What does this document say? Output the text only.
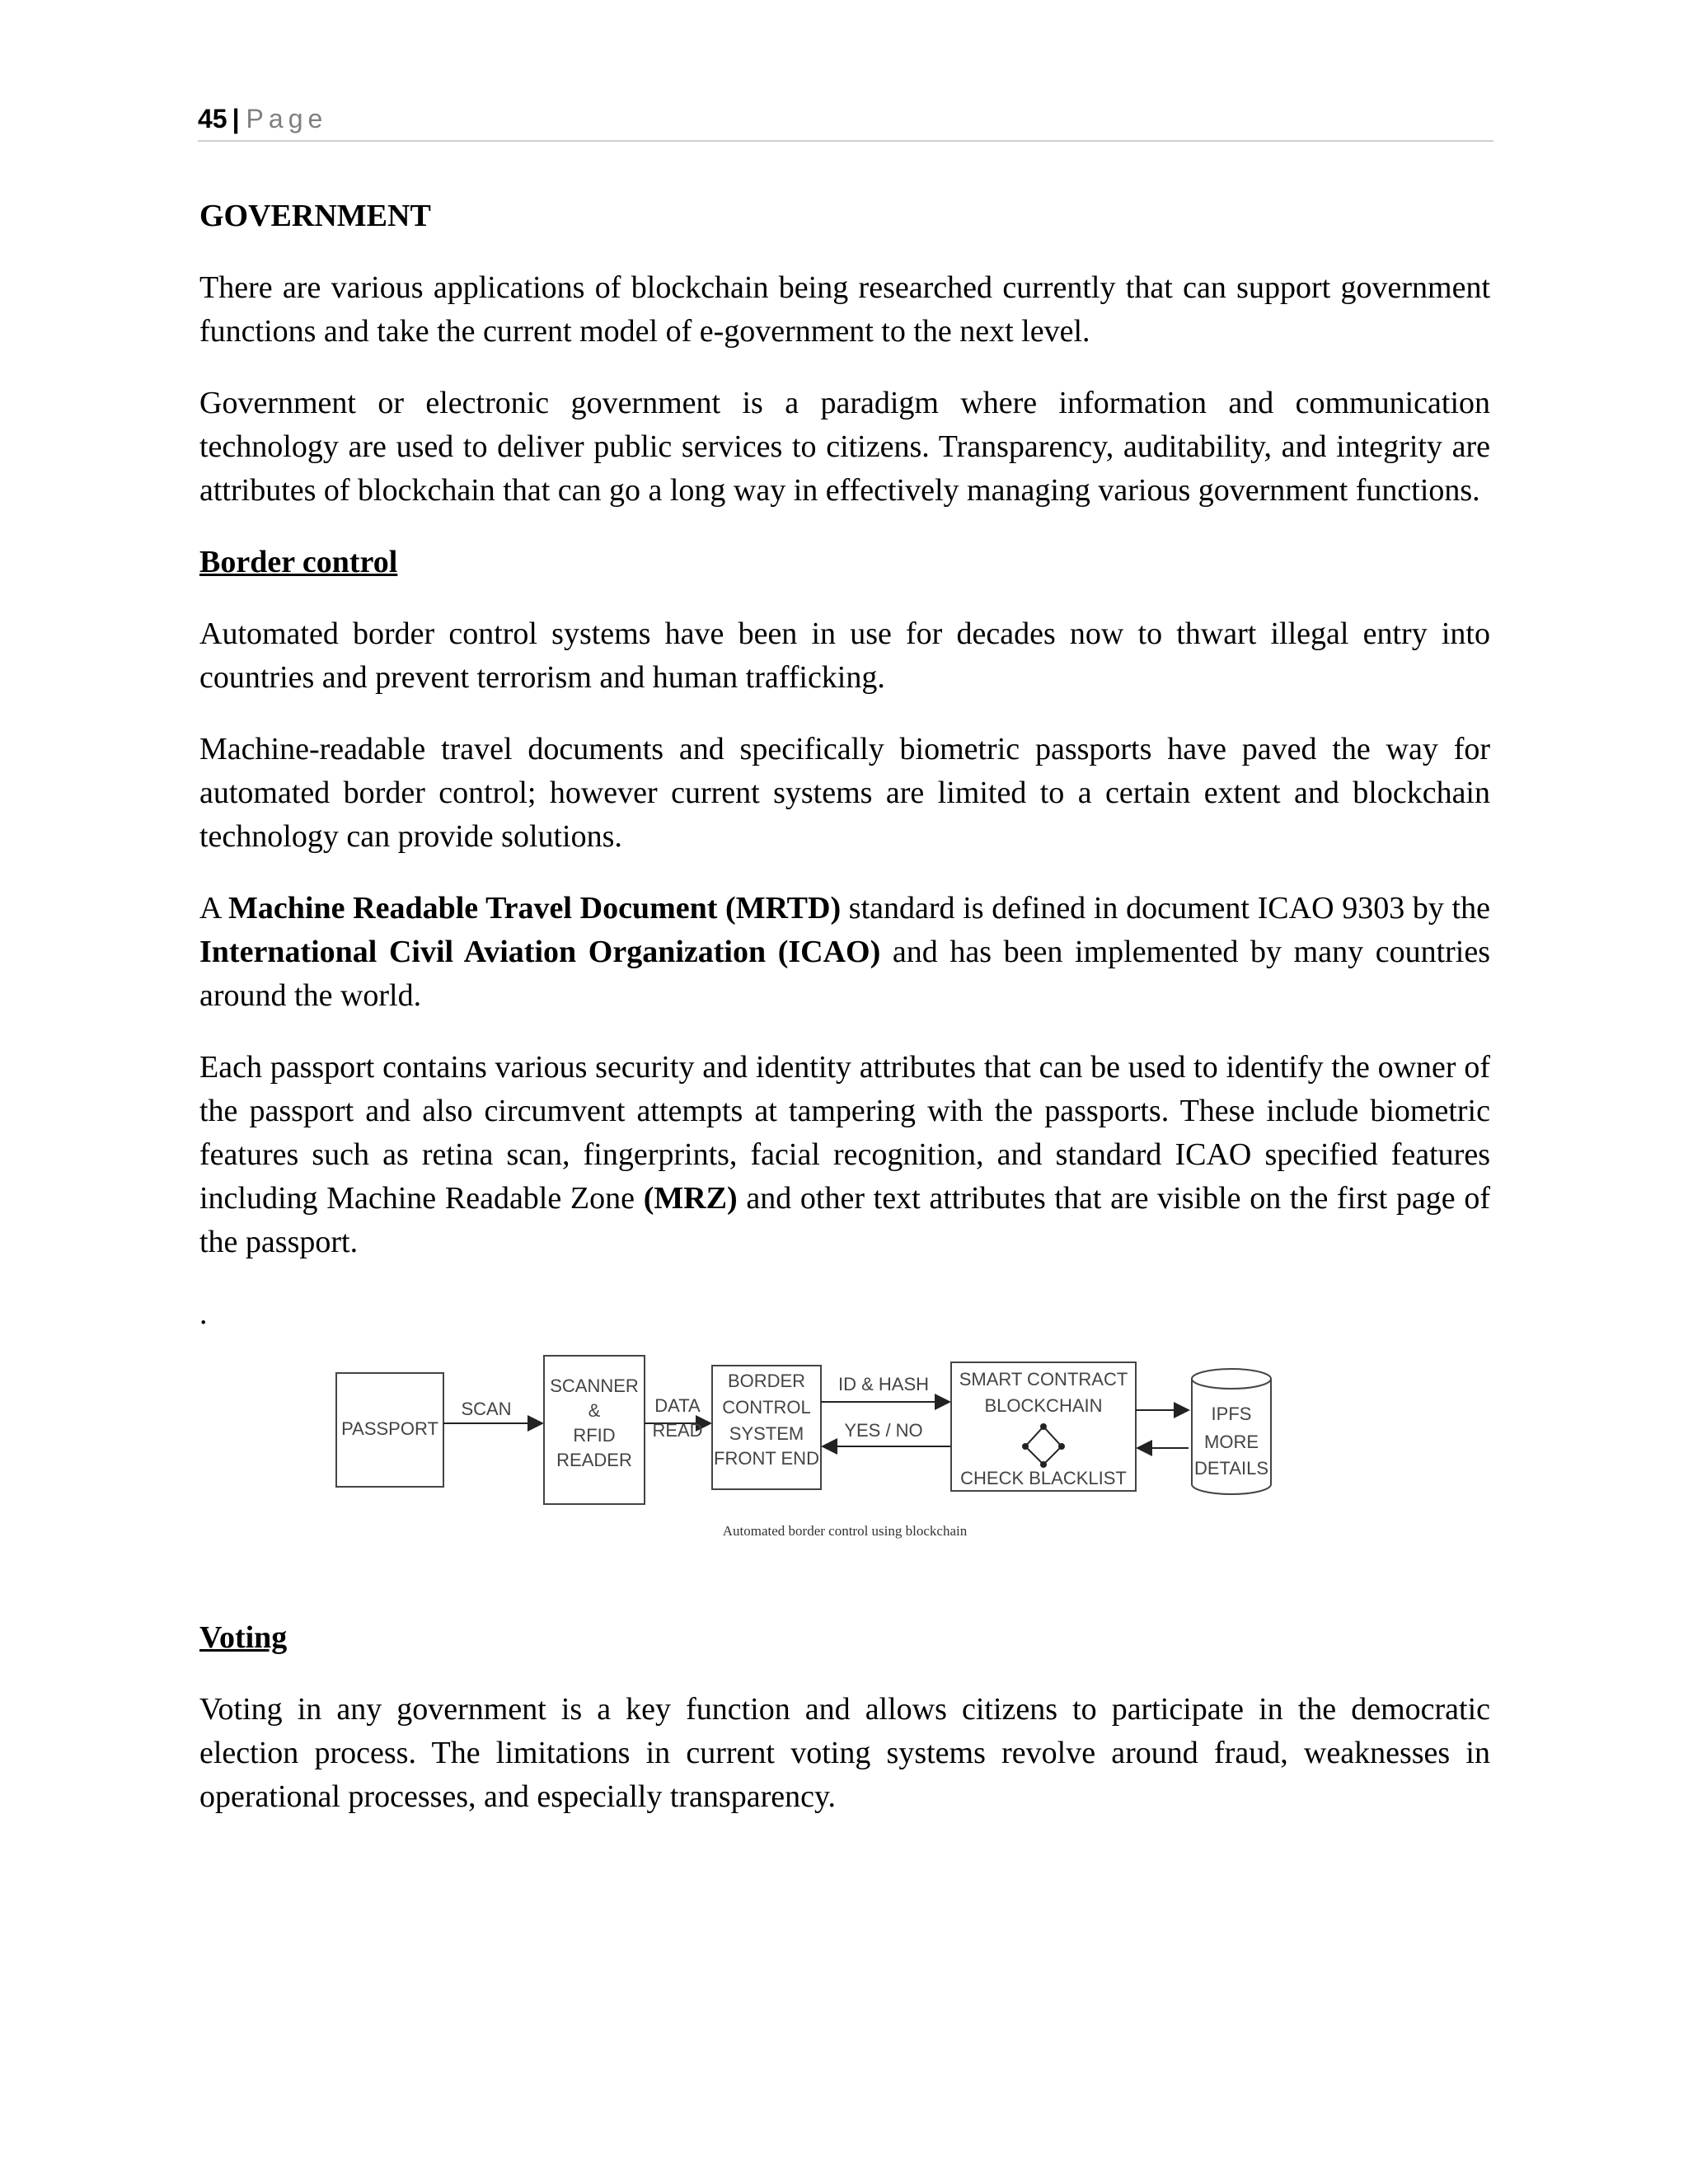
45 | Page
GOVERNMENT

There are various applications of blockchain being researched currently that can support government functions and take the current model of e-government to the next level.

Government or electronic government is a paradigm where information and communication technology are used to deliver public services to citizens. Transparency, auditability, and integrity are attributes of blockchain that can go a long way in effectively managing various government functions.

Border control

Automated border control systems have been in use for decades now to thwart illegal entry into countries and prevent terrorism and human trafficking.

Machine-readable travel documents and specifically biometric passports have paved the way for automated border control; however current systems are limited to a certain extent and blockchain technology can provide solutions.

A Machine Readable Travel Document (MRTD) standard is defined in document ICAO 9303 by the International Civil Aviation Organization (ICAO) and has been implemented by many countries around the world.

Each passport contains various security and identity attributes that can be used to identify the owner of the passport and also circumvent attempts at tampering with the passports. These include biometric features such as retina scan, fingerprints, facial recognition, and standard ICAO specified features including Machine Readable Zone (MRZ) and other text attributes that are visible on the first page of the passport.

.

PASSPORT
SCAN
SCANNER
&
RFID
READER
DATA
READ
BORDER
CONTROL
SYSTEM
FRONT END
ID & HASH
YES / NO
SMART CONTRACT
BLOCKCHAIN
CHECK BLACKLIST
IPFS
MORE
DETAILS
Automated border control using blockchain
Voting

Voting in any government is a key function and allows citizens to participate in the democratic election process. The limitations in current voting systems revolve around fraud, weaknesses in operational processes, and especially transparency.
